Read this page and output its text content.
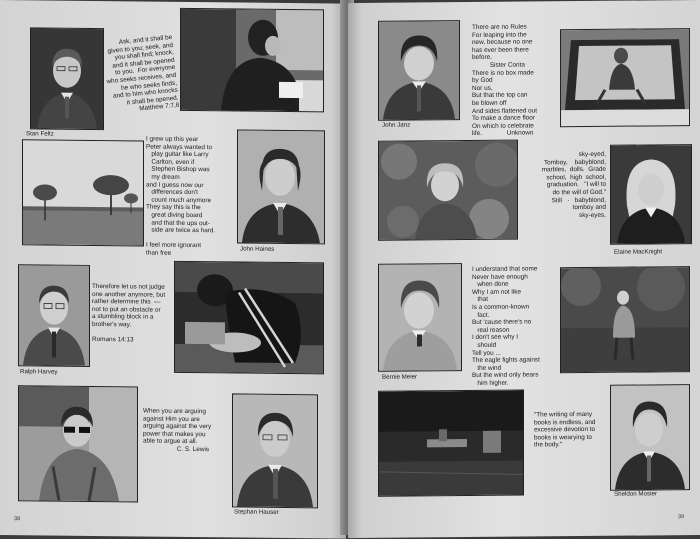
Stan Feltz
Ask, and it shall be
given to you; seek, and
you shall find; knock,
and it shall be opened
to you.  For everyone
who seeks receives, and
he who seeks finds,
and to him who knocks
it shall be opened.
Matthew 7:7,8
I grew up this year
Peter always wanted to
play guitar like Larry
Carlton, even if
Stephen Bishop was
my dream
and I guess now our
differences don't
count much anymore
They say this is the
great diving board
and that the ups out-
side are twice as hard.

I feel more ignorant
than free
John Haines
Ralph Harvey
Therefore let us not judge
one another anymore, but
rather determine this  —
not to put an obstacle or
a stumbling block in a
brother's way.

Romans 14:13
When you are arguing
against Him you are
arguing against the very
power that makes you
able to argue at all.
C. S. Lewis
Stephan Hauser
38
John Janz
There are no Rules
For leaping into the
new, because no one
has ever been there
before.
Sister Corita
There is no box made
by God
Nor us,
But that the top can
be blown off
And sides flattened out
To make a dance floor
On which to celebrate
life.              Unknown
sky-eyed,
Tomboy,    babyblond,
marbles,  dolls.  Grade
school,  high  school,
graduation.   "I will to
do the will of God."
Still   ·   babyblond,
tomboy and
sky-eyes.
Elaine MacKnight
Bernie Meier
I understand that some
Never have enough
when done
Why I am not like
that
Is a common-known
fact.
But 'cause there's no
real reason
I don't see why I
should
Tell you ...
The eagle fights against
the wind
But the wind only bears
him higher.
"The writing of many
books is endless, and
excessive devotion to
books is wearying to
the body."
Sheldon Mosier
39
